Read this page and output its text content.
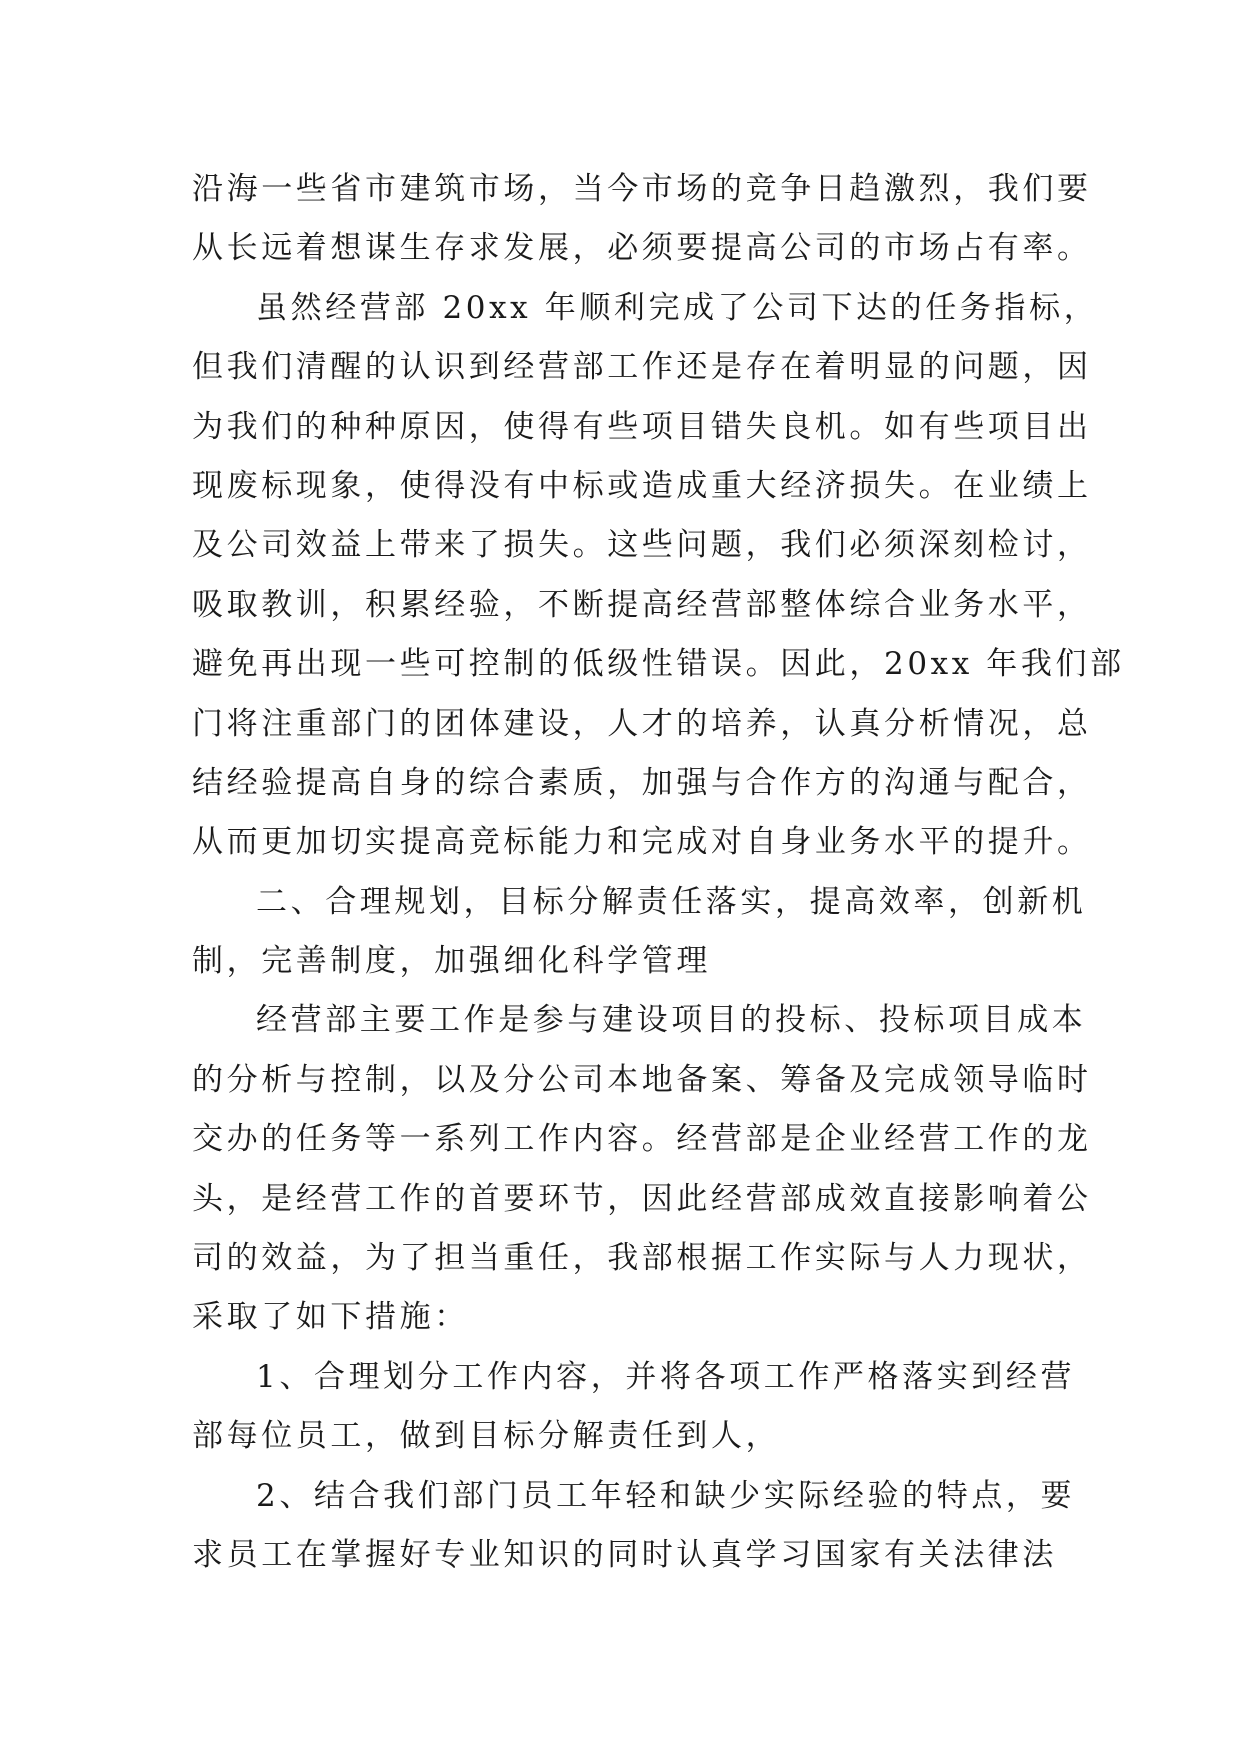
沿海一些省市建筑市场，当今市场的竞争日趋激烈，我们要
从长远着想谋生存求发展，必须要提高公司的市场占有率。
虽然经营部 20xx 年顺利完成了公司下达的任务指标，
但我们清醒的认识到经营部工作还是存在着明显的问题，因
为我们的种种原因，使得有些项目错失良机。如有些项目出
现废标现象，使得没有中标或造成重大经济损失。在业绩上
及公司效益上带来了损失。这些问题，我们必须深刻检讨，
吸取教训，积累经验，不断提高经营部整体综合业务水平，
避免再出现一些可控制的低级性错误。因此，20xx 年我们部
门将注重部门的团体建设，人才的培养，认真分析情况，总
结经验提高自身的综合素质，加强与合作方的沟通与配合，
从而更加切实提高竞标能力和完成对自身业务水平的提升。
二、合理规划，目标分解责任落实，提高效率，创新机
制，完善制度，加强细化科学管理
经营部主要工作是参与建设项目的投标、投标项目成本
的分析与控制，以及分公司本地备案、筹备及完成领导临时
交办的任务等一系列工作内容。经营部是企业经营工作的龙
头，是经营工作的首要环节，因此经营部成效直接影响着公
司的效益，为了担当重任，我部根据工作实际与人力现状，
采取了如下措施：
1、合理划分工作内容，并将各项工作严格落实到经营
部每位员工，做到目标分解责任到人，
2、结合我们部门员工年轻和缺少实际经验的特点，要
求员工在掌握好专业知识的同时认真学习国家有关法律法
